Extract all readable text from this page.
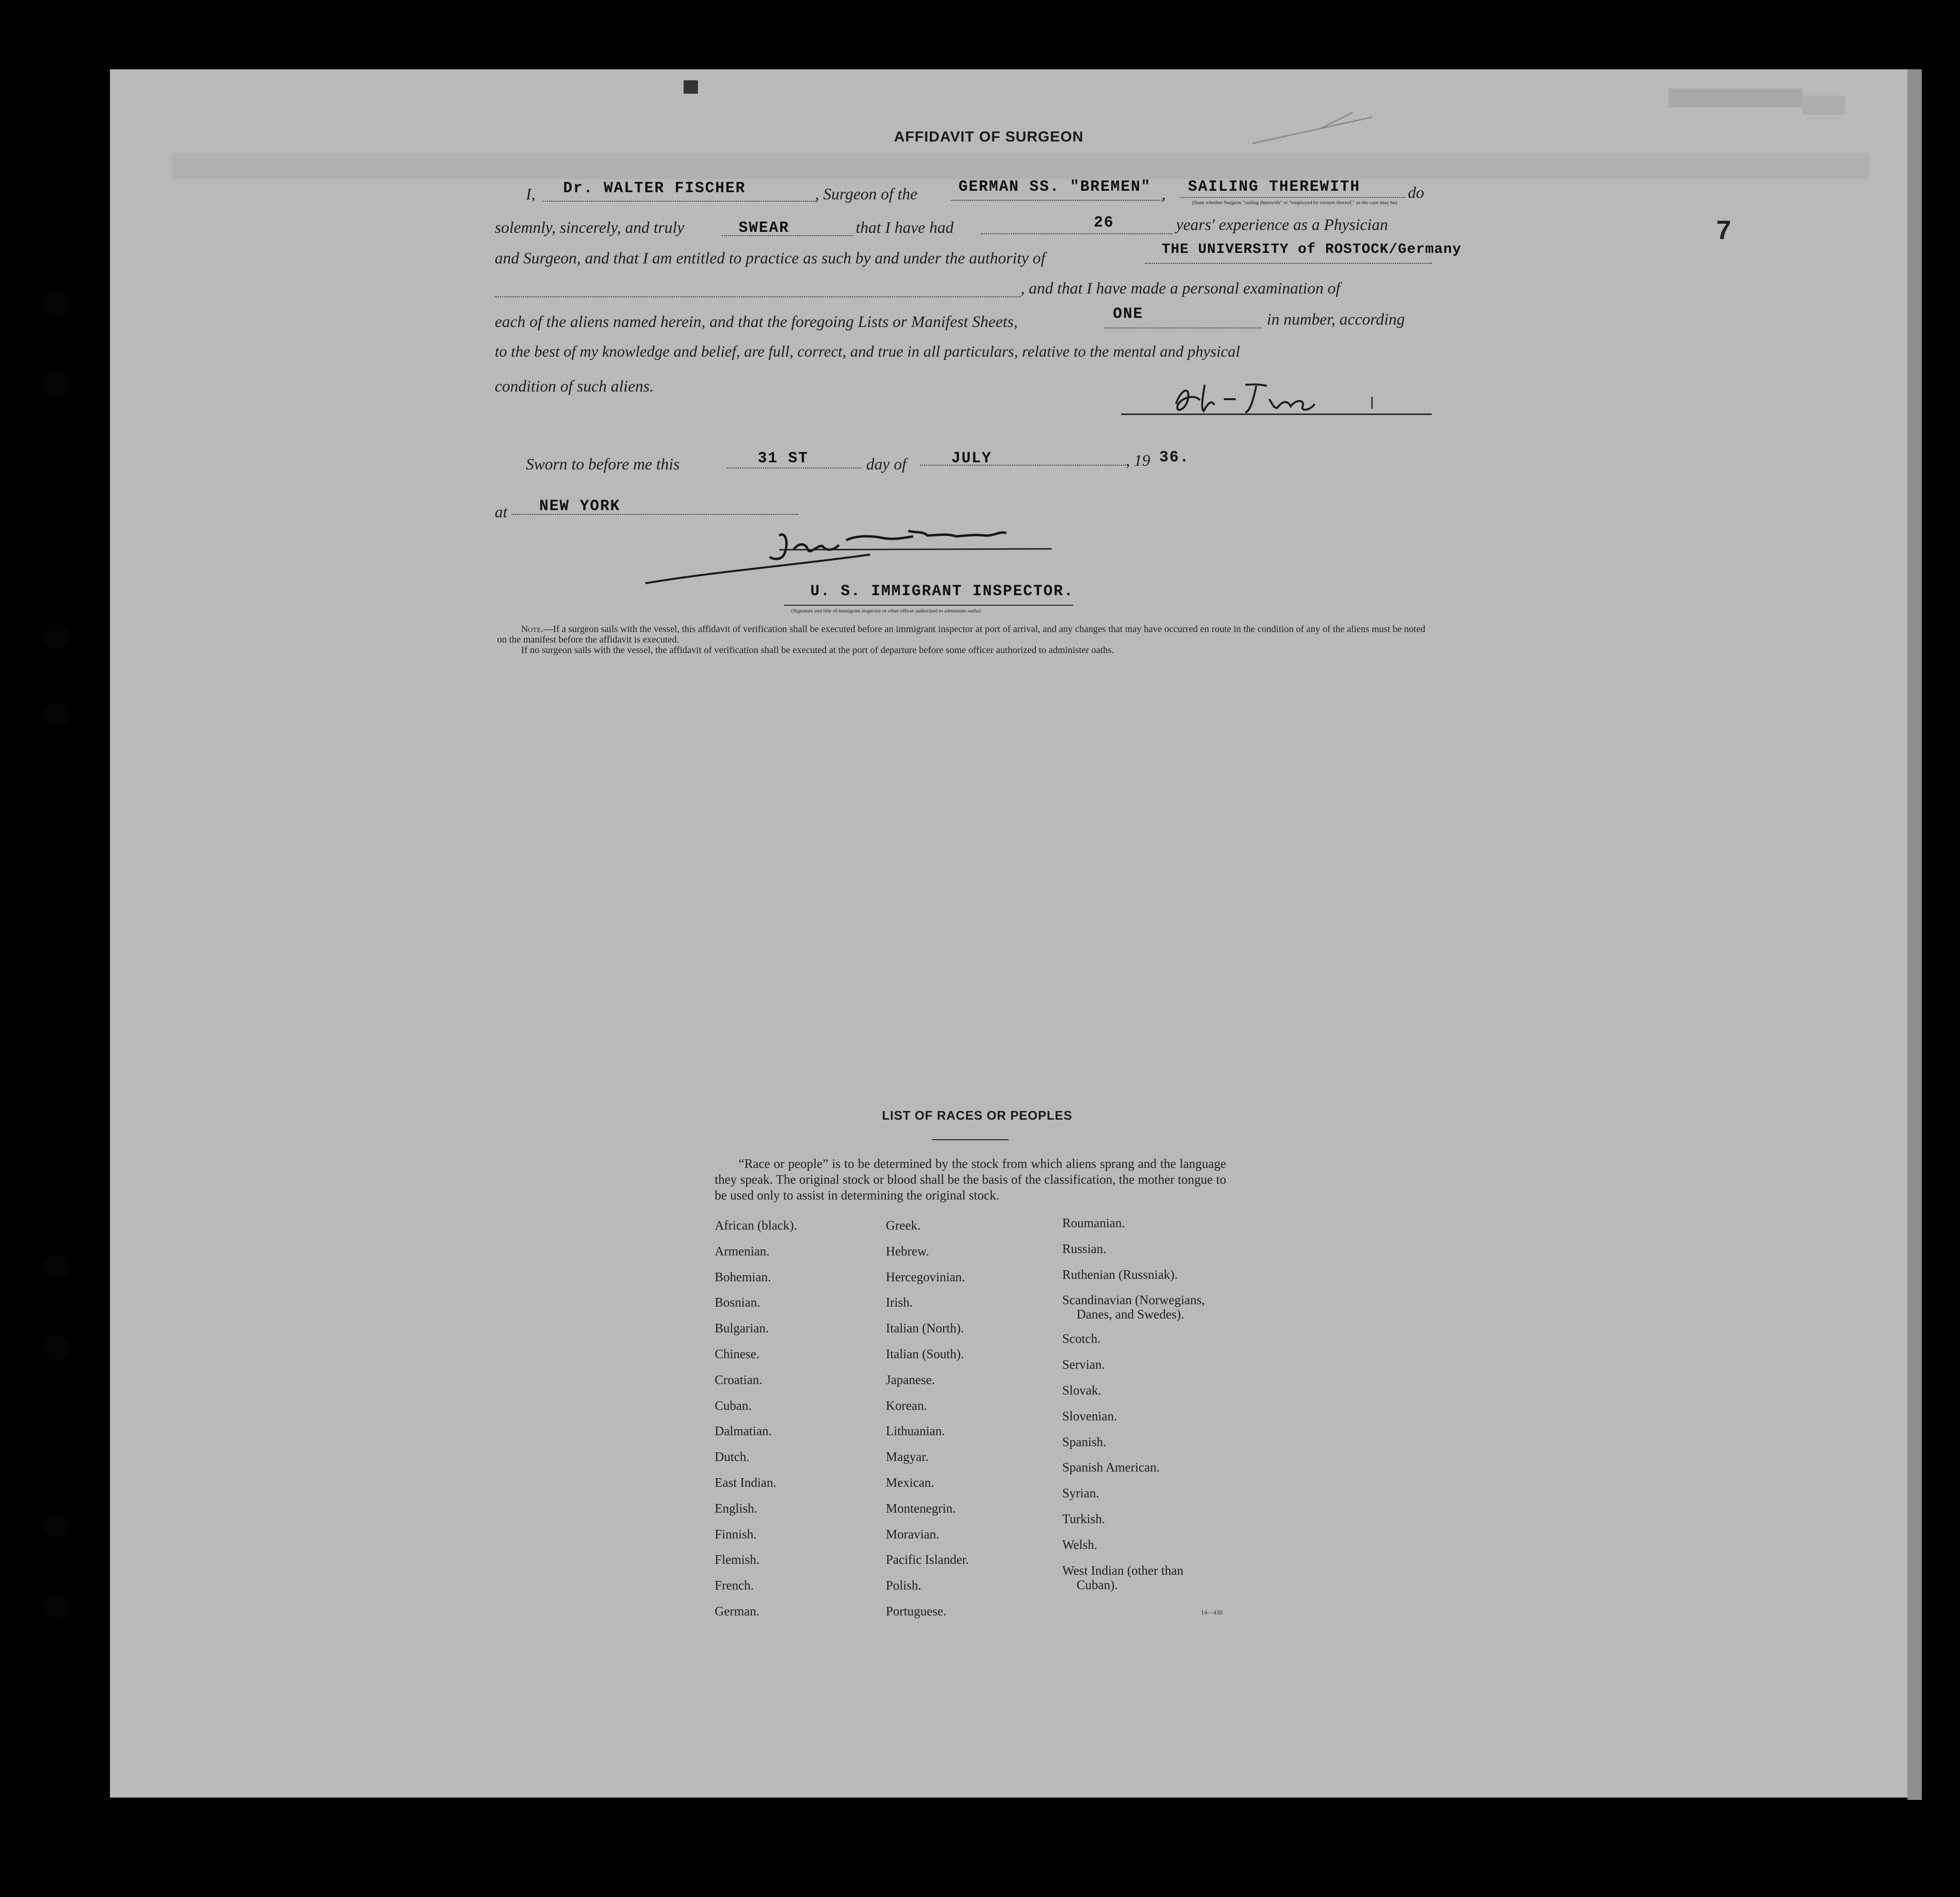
7
AFFIDAVIT OF SURGEON
I, Dr. WALTER FISCHER	, Surgeon of the	GERMAN SS. "BREMEN" , SAILING THEREWITH
(State whether Surgeon "sailing therewith" or "employed by owners thereof," as the case may be)
do
solemnly, sincerely, and truly	SWEAR	that I have had	26	years' experience as a Physician
and Surgeon, and that I am entitled to practice as such by and under the authority of	THE UNIVERSITY of ROSTOCK/Germany
, and that I have made a personal examination of
each of the aliens named herein, and that the foregoing Lists or Manifest Sheets,	ONE	in number, according
to the best of my knowledge and belief, are full, correct, and true in all particulars, relative to the mental and physical
condition of such aliens.
Sworn to before me this	31 ST	day of	JULY	, 19 36.
at NEW YORK
U. S. IMMIGRANT INSPECTOR.
(Signature and title of immigrant inspector or other officer authorized to administer oaths)
Note.—If a surgeon sails with the vessel, this affidavit of verification shall be executed before an immigrant inspector at port of arrival, and any changes that may have occurred en route in the condition of any of the aliens must be noted on the manifest before the affidavit is executed.
If no surgeon sails with the vessel, the affidavit of verification shall be executed at the port of departure before some officer authorized to administer oaths.
LIST OF RACES OR PEOPLES
“Race or people” is to be determined by the stock from which aliens sprang and the language they speak. The original stock or blood shall be the basis of the classification, the mother tongue to be used only to assist in determining the original stock.
African (black).
Armenian.
Bohemian.
Bosnian.
Bulgarian.
Chinese.
Croatian.
Cuban.
Dalmatian.
Dutch.
East Indian.
English.
Finnish.
Flemish.
French.
German.
Greek.
Hebrew.
Hercegovinian.
Irish.
Italian (North).
Italian (South).
Japanese.
Korean.
Lithuanian.
Magyar.
Mexican.
Montenegrin.
Moravian.
Pacific Islander.
Polish.
Portuguese.
Roumanian.
Russian.
Ruthenian (Russniak).
Scandinavian (Norwegians, Danes, and Swedes).
Scotch.
Servian.
Slovak.
Slovenian.
Spanish.
Spanish American.
Syrian.
Turkish.
Welsh.
West Indian (other than Cuban).
14—430
